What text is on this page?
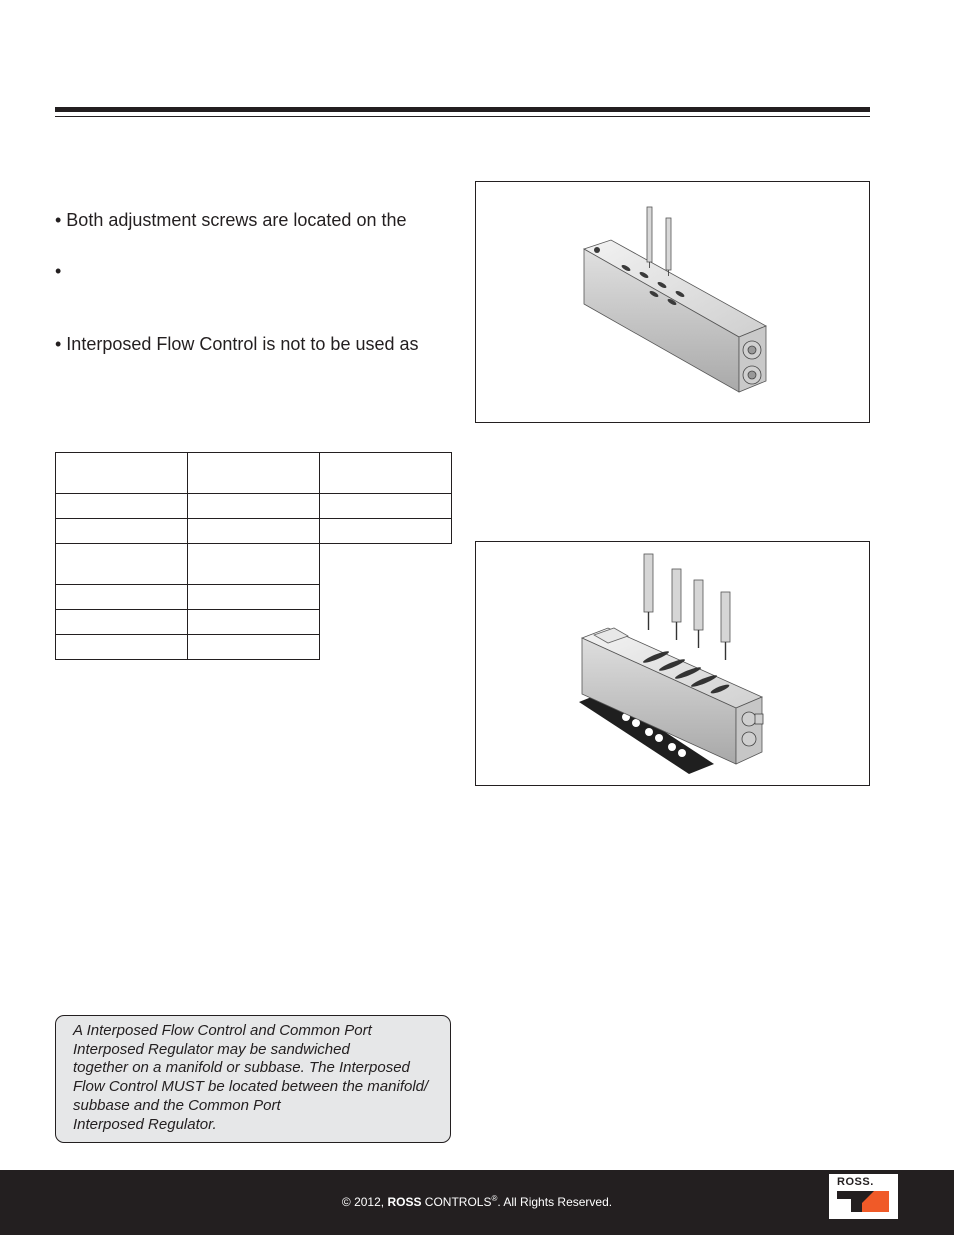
• Both adjustment screws are located on the
•
• Interposed Flow Control is not to be used as

A Interposed Flow Control and Common Port
Interposed Regulator may be sandwiched
together on a manifold or subbase. The Interposed
Flow Control MUST be located between the manifold/
subbase and the Common Port
Interposed Regulator.
© 2012, ROSS CONTROLS®. All Rights Reserved.
ROSS.
